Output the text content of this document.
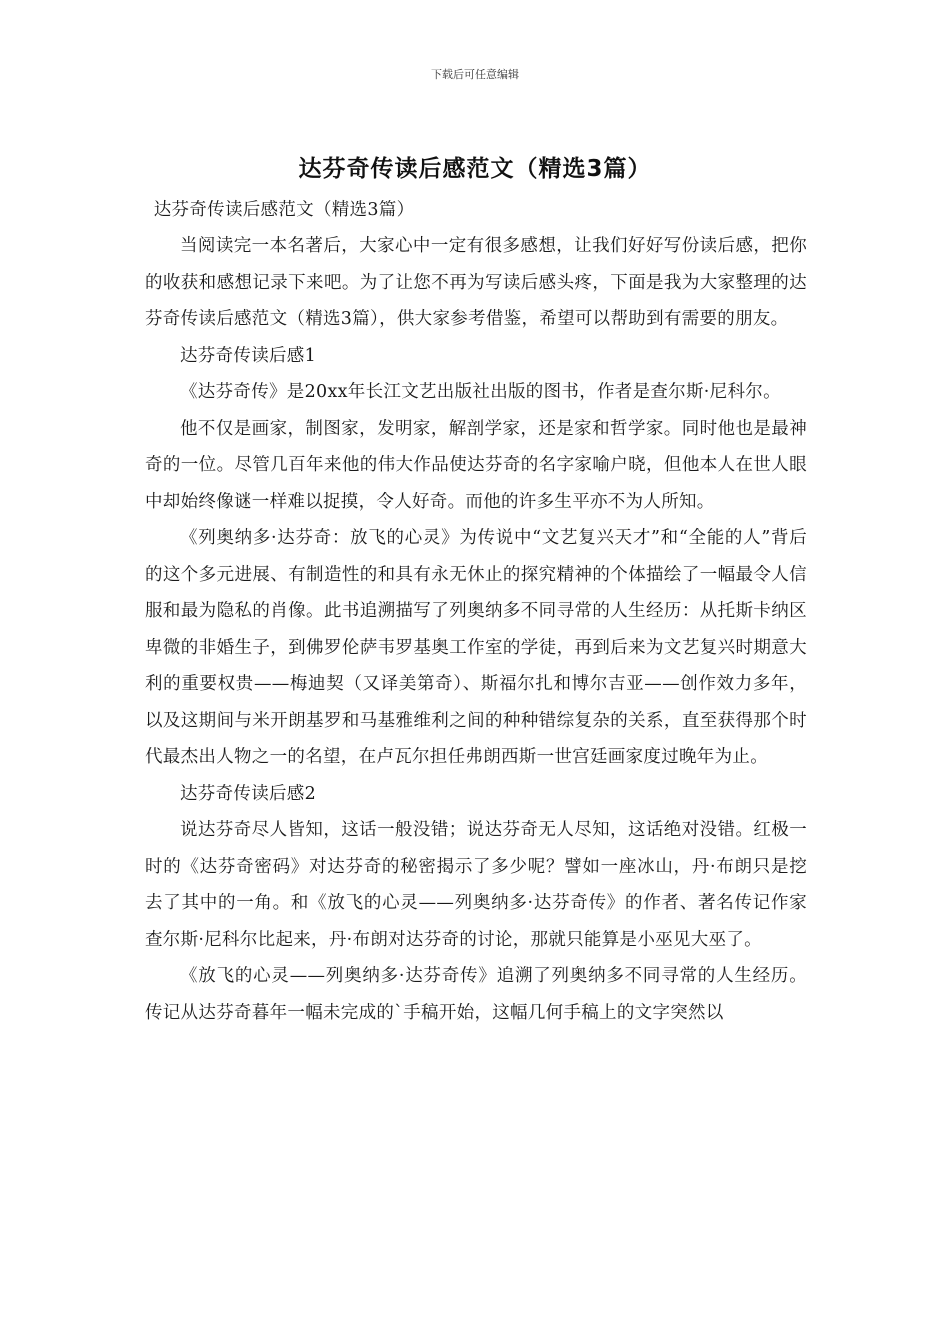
下载后可任意编辑
达芬奇传读后感范文（精选3篇）

达芬奇传读后感范文（精选3篇）

当阅读完一本名著后，大家心中一定有很多感想，让我们好好写份读后感，把你的收获和感想记录下来吧。为了让您不再为写读后感头疼，下面是我为大家整理的达芬奇传读后感范文（精选3篇），供大家参考借鉴，希望可以帮助到有需要的朋友。

达芬奇传读后感1

《达芬奇传》是20xx年长江文艺出版社出版的图书，作者是查尔斯·尼科尔。

他不仅是画家，制图家，发明家，解剖学家，还是家和哲学家。同时他也是最神奇的一位。尽管几百年来他的伟大作品使达芬奇的名字家喻户晓，但他本人在世人眼中却始终像谜一样难以捉摸，令人好奇。而他的许多生平亦不为人所知。

《列奥纳多·达芬奇：放飞的心灵》为传说中“文艺复兴天才”和“全能的人”背后的这个多元进展、有制造性的和具有永无休止的探究精神的个体描绘了一幅最令人信服和最为隐私的肖像。此书追溯描写了列奥纳多不同寻常的人生经历：从托斯卡纳区卑微的非婚生子，到佛罗伦萨韦罗基奥工作室的学徒，再到后来为文艺复兴时期意大利的重要权贵——梅迪契（又译美第奇）、斯福尔扎和博尔吉亚——创作效力多年，以及这期间与米开朗基罗和马基雅维利之间的种种错综复杂的关系，直至获得那个时代最杰出人物之一的名望，在卢瓦尔担任弗朗西斯一世宫廷画家度过晚年为止。

达芬奇传读后感2

说达芬奇尽人皆知，这话一般没错；说达芬奇无人尽知，这话绝对没错。红极一时的《达芬奇密码》对达芬奇的秘密揭示了多少呢？譬如一座冰山，丹·布朗只是挖去了其中的一角。和《放飞的心灵——列奥纳多·达芬奇传》的作者、著名传记作家查尔斯·尼科尔比起来，丹·布朗对达芬奇的讨论，那就只能算是小巫见大巫了。

《放飞的心灵——列奥纳多·达芬奇传》追溯了列奥纳多不同寻常的人生经历。传记从达芬奇暮年一幅未完成的`手稿开始，这幅几何手稿上的文字突然以
